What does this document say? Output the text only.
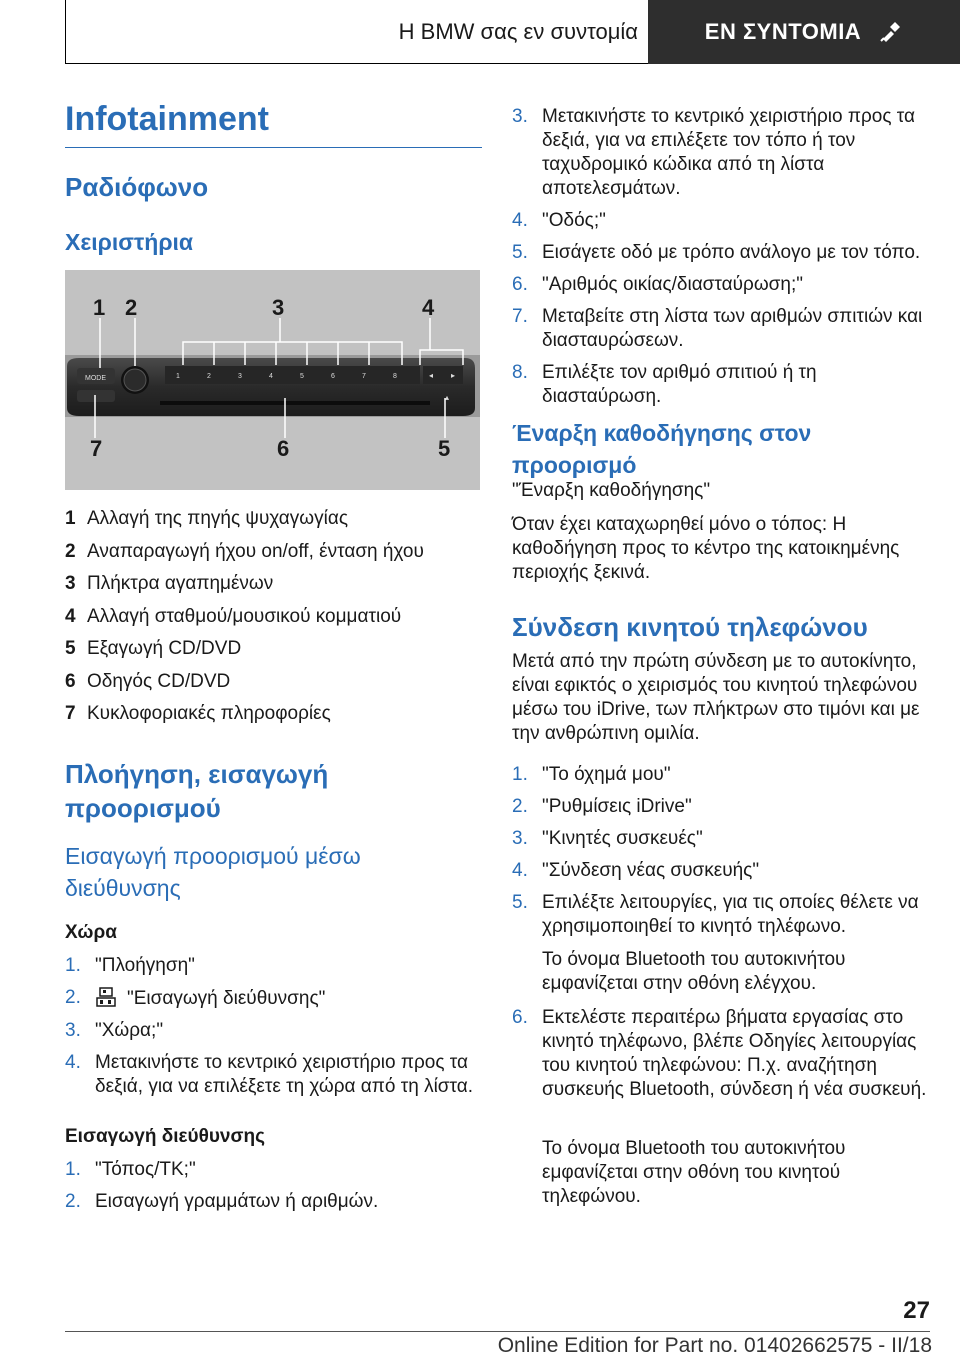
Η BMW σας εν συντομία	ΕΝ ΣΥΝΤΟΜΙΑ
Infotainment
Ραδιόφωνο
Χειριστήρια
MODE	1	2	3	4	5	6	7	8	◂ ▸
▴
1 2	3	4
7	6	5
1 Αλλαγή της πηγής ψυχαγωγίας
2 Αναπαραγωγή ήχου on/off, ένταση ήχου
3 Πλήκτρα αγαπημένων
4 Αλλαγή σταθμού/μουσικού κομματιού
5 Εξαγωγή CD/DVD
6 Οδηγός CD/DVD
7 Κυκλοφοριακές πληροφορίες
Πλοήγηση, εισαγωγή
προορισμού
Εισαγωγή προορισμού μέσω
διεύθυνσης
Χώρα
1. "Πλοήγηση"
2.	"Εισαγωγή διεύθυνσης"
3. "Χώρα;"
4. Μετακινήστε το κεντρικό χειριστήριο προς τα δεξιά, για να επιλέξετε τη χώρα από τη λίστα.
Εισαγωγή διεύθυνσης
1. "Τόπος/ΤΚ;"
2. Εισαγωγή γραμμάτων ή αριθμών.
3. Μετακινήστε το κεντρικό χειριστήριο προς τα δεξιά, για να επιλέξετε τον τόπο ή τον ταχυδρομικό κώδικα από τη λίστα αποτελεσμάτων.
4. "Οδός;"
5. Εισάγετε οδό με τρόπο ανάλογο με τον τόπο.
6. "Αριθμός οικίας/διασταύρωση;"
7. Μεταβείτε στη λίστα των αριθμών σπιτιών και διασταυρώσεων.
8. Επιλέξτε τον αριθμό σπιτιού ή τη διασταύρωση.
Έναρξη καθοδήγησης στον
προορισμό

"Έναρξη καθοδήγησης"

Όταν έχει καταχωρηθεί μόνο ο τόπος: Η καθοδήγηση προς το κέντρο της κατοικημένης περιοχής ξεκινά.

Σύνδεση κινητού τηλεφώνου

Μετά από την πρώτη σύνδεση με το αυτοκίνητο, είναι εφικτός ο χειρισμός του κινητού τηλεφώνου μέσω του iDrive, των πλήκτρων στο τιμόνι και με την ανθρώπινη ομιλία.

1. "Το όχημά μου"
2. "Ρυθμίσεις iDrive"
3. "Κινητές συσκευές"
4. "Σύνδεση νέας συσκευής"
5. Επιλέξτε λειτουργίες, για τις οποίες θέλετε να χρησιμοποιηθεί το κινητό τηλέφωνο.

Το όνομα Bluetooth του αυτοκινήτου εμφανίζεται στην οθόνη ελέγχου.

6. Εκτελέστε περαιτέρω βήματα εργασίας στο κινητό τηλέφωνο, βλέπε Οδηγίες λειτουργίας του κινητού τηλεφώνου: Π.χ. αναζήτηση συσκευής Bluetooth, σύνδεση ή νέα συσκευή.

Το όνομα Bluetooth του αυτοκινήτου εμφανίζεται στην οθόνη του κινητού τηλεφώνου.

27
Online Edition for Part no. 01402662575 - II/18
